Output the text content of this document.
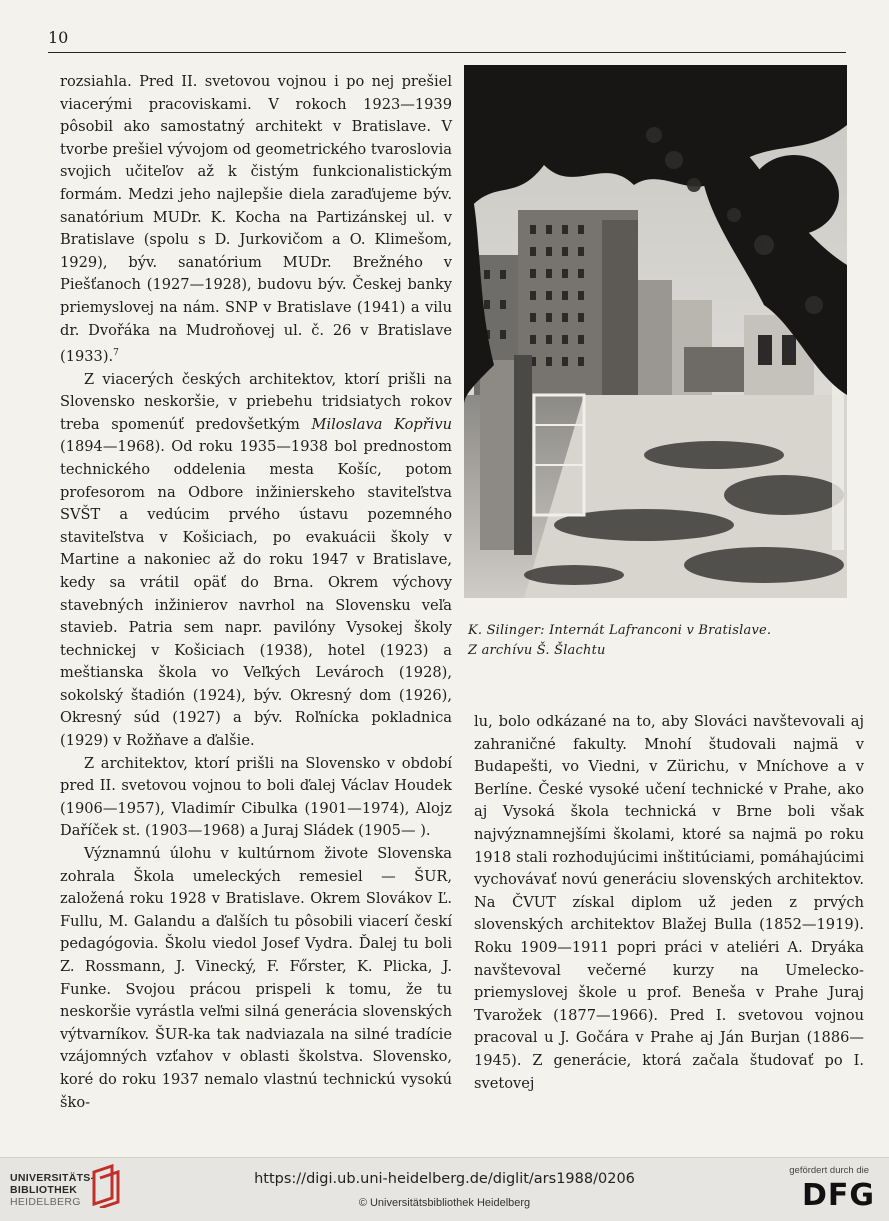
10

rozsiahla. Pred II. svetovou vojnou i po nej prešiel viacerými pracoviskami. V rokoch 1923—1939 pôsobil ako samostatný architekt v Bratislave. V tvorbe prešiel vývojom od geometrického tvaroslovia svojich učiteľov až k čistým funkcionalistickým formám. Medzi jeho najlepšie diela zaraďujeme býv. sanatórium MUDr. K. Kocha na Partizánskej ul. v Bratislave (spolu s D. Jurkovičom a O. Klimešom, 1929), býv. sanatórium MUDr. Brežného v Piešťanoch (1927—1928), budovu býv. Českej banky priemyslovej na nám. SNP v Bratislave (1941) a vilu dr. Dvořáka na Mudroňovej ul. č. 26 v Bratislave (1933).$^7$

Z viacerých českých architektov, ktorí prišli na Slovensko neskoršie, v priebehu tridsiatych rokov treba spomenúť predovšetkým Miloslava Kopřivu (1894—1968). Od roku 1935—1938 bol prednostom technického oddelenia mesta Košíc, potom profesorom na Odbore inžinierskeho staviteľstva SVŠT a vedúcim prvého ústavu pozemného staviteľstva v Košiciach, po evakuácii školy v Martine a nakoniec až do roku 1947 v Bratislave, kedy sa vrátil opäť do Brna. Okrem výchovy stavebných inžinierov navrhol na Slovensku veľa stavieb. Patria sem napr. pavilóny Vysokej školy technickej v Košiciach (1938), hotel (1923) a meštianska škola vo Veľkých Levároch (1928), sokolský štadión (1924), býv. Okresný dom (1926), Okresný súd (1927) a býv. Roľnícka pokladnica (1929) v Rožňave a ďalšie.

Z architektov, ktorí prišli na Slovensko v období pred II. svetovou vojnou to boli ďalej Václav Houdek (1906—1957), Vladimír Cibulka (1901—1974), Alojz Daříček st. (1903—1968) a Juraj Sládek (1905— ).

Významnú úlohu v kultúrnom živote Slovenska zohrala Škola umeleckých remesiel — ŠUR, založená roku 1928 v Bratislave. Okrem Slovákov Ľ. Fullu, M. Galandu a ďalších tu pôsobili viacerí českí pedagógovia. Školu viedol Josef Vydra. Ďalej tu boli Z. Rossmann, J. Vinecký, F. Főrster, K. Plicka, J. Funke. Svojou prácou prispeli k tomu, že tu neskoršie vyrástla veľmi silná generácia slovenských výtvarníkov. ŠUR-ka tak nadviazala na silné tradície vzájomných vzťahov v oblasti školstva. Slovensko, koré do roku 1937 nemalo vlastnú technickú vysokú ško-

K. Silinger: Internát Lafranconi v Bratislave.

Z archívu Š. Šlachtu

lu, bolo odkázané na to, aby Slováci navštevovali aj zahraničné fakulty. Mnohí študovali najmä v Budapešti, vo Viedni, v Zürichu, v Mníchove a v Berlíne. České vysoké učení technické v Prahe, ako aj Vysoká škola technická v Brne boli však najvýznamnejšími školami, ktoré sa najmä po roku 1918 stali rozhodujúcimi inštitúciami, pomáhajúcimi vychovávať novú generáciu slovenských architektov. Na ČVUT získal diplom už jeden z prvých slovenských architektov Blažej Bulla (1852—1919). Roku 1909—1911 popri práci v ateliéri A. Dryáka navštevoval večerné kurzy na Umelecko-priemyslovej škole u prof. Beneša v Prahe Juraj Tvarožek (1877—1966). Pred I. svetovou vojnou pracoval u J. Gočára v Prahe aj Ján Burjan (1886—1945). Z generácie, ktorá začala študovať po I. svetovej

UNIVERSITÄTS-
BIBLIOTHEK
HEIDELBERG
https://digi.ub.uni-heidelberg.de/diglit/ars1988/0206
© Universitätsbibliothek Heidelberg
gefördert durch die
DFG
